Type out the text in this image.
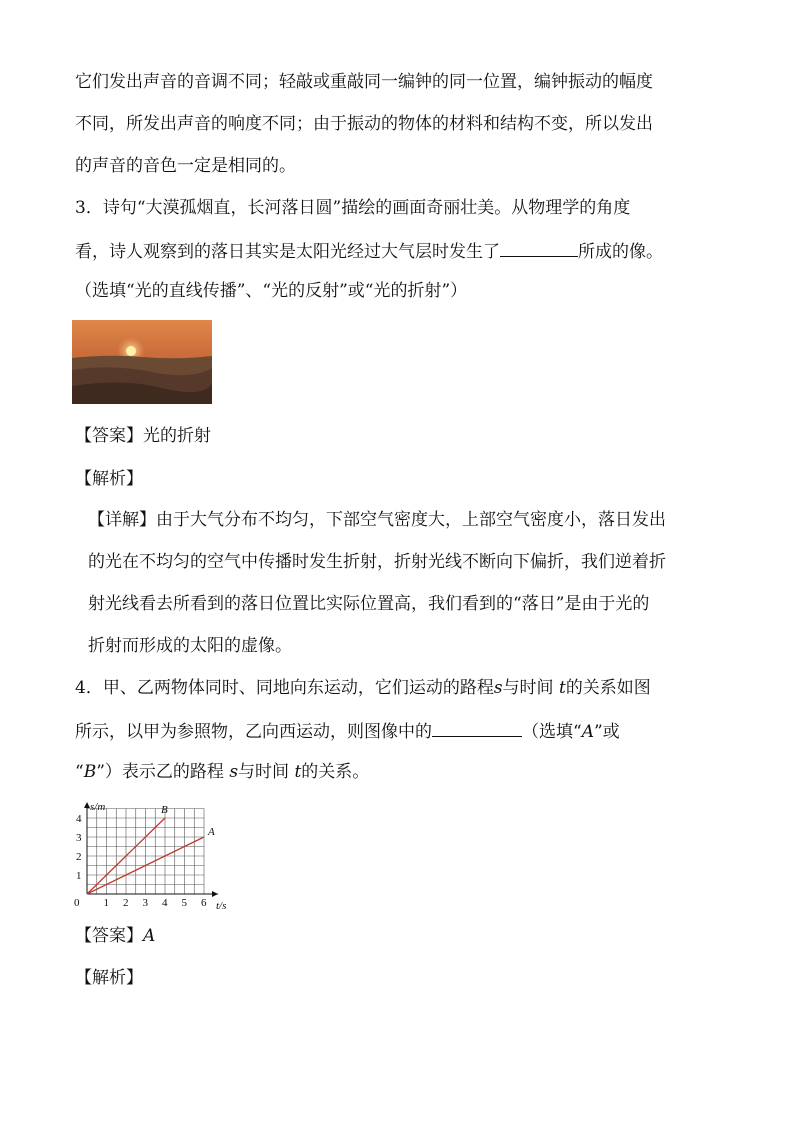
它们发出声音的音调不同；轻敲或重敲同一编钟的同一位置，编钟振动的幅度
不同，所发出声音的响度不同；由于振动的物体的材料和结构不变，所以发出
的声音的音色一定是相同的。
3．诗句“大漠孤烟直，长河落日圆”描绘的画面奇丽壮美。从物理学的角度
看，诗人观察到的落日其实是太阳光经过大气层时发生了	所成的像。
（选填“光的直线传播”、“光的反射”或“光的折射”）
【答案】光的折射
【解析】
【详解】由于大气分布不均匀，下部空气密度大，上部空气密度小，落日发出
的光在不均匀的空气中传播时发生折射，折射光线不断向下偏折，我们逆着折
射光线看去所看到的落日位置比实际位置高，我们看到的“落日”是由于光的
折射而形成的太阳的虚像。
4．甲、乙两物体同时、同地向东运动，它们运动的路程s与时间 t的关系如图
所示，以甲为参照物，乙向西运动，则图像中的	（选填“A”或
“B”）表示乙的路程 s与时间 t的关系。
0 1 2 3 4 5 6
1
2
3
4
t/s
s/m	B
A
【答案】A
【解析】
